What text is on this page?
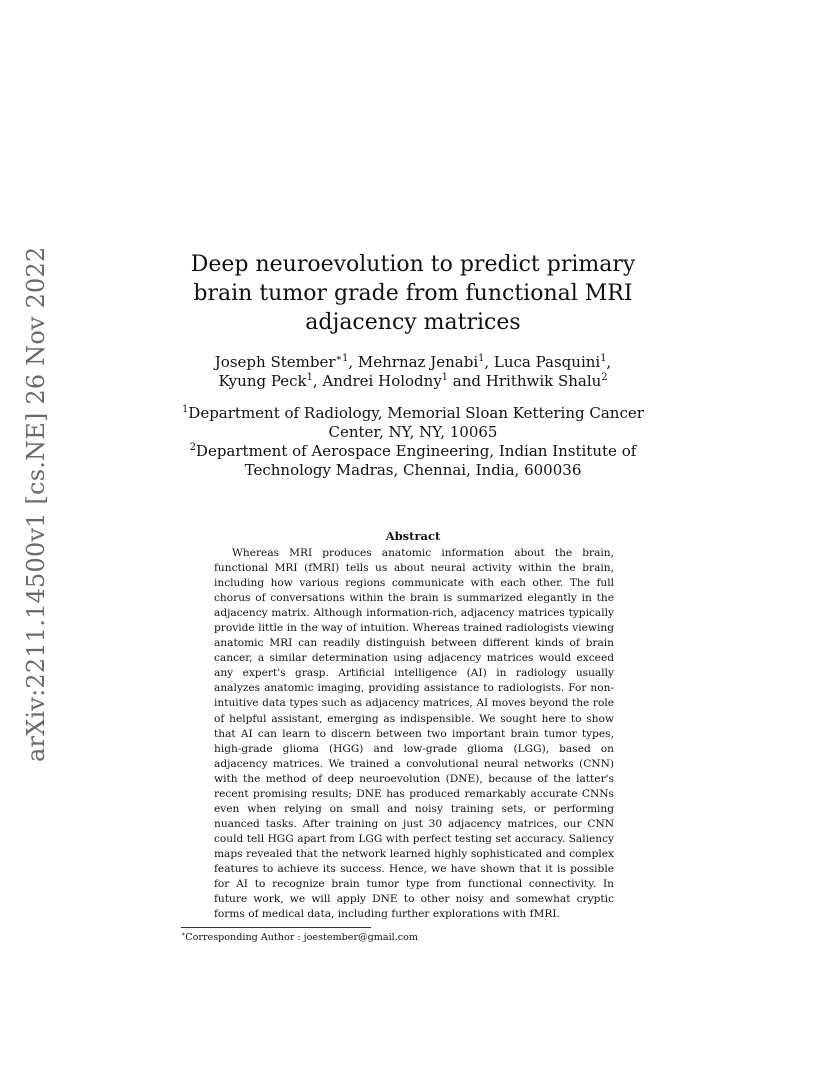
arXiv:2211.14500v1 [cs.NE] 26 Nov 2022	Deep neuroevolution to predict primary brain tumor grade from functional MRI adjacency matrices
Joseph Stember$^{∗1}$, Mehrnaz Jenabi$^1$, Luca Pasquini$^1$, Kyung Peck$^1$, Andrei Holodny$^1$ and Hrithwik Shalu$^2$

$^1$Department of Radiology, Memorial Sloan Kettering Cancer Center, NY, NY, 10065

$^2$Department of Aerospace Engineering, Indian Institute of Technology Madras, Chennai, India, 600036

Abstract

Whereas MRI produces anatomic information about the brain, functional MRI (fMRI) tells us about neural activity within the brain, including how various regions communicate with each other. The full chorus of conversations within the brain is summarized elegantly in the adjacency matrix. Although information-rich, adjacency matrices typically provide little in the way of intuition. Whereas trained radiologists viewing anatomic MRI can readily distinguish between different kinds of brain cancer, a similar determination using adjacency matrices would exceed any expert's grasp. Artificial intelligence (AI) in radiology usually analyzes anatomic imaging, providing assistance to radiologists. For non-intuitive data types such as adjacency matrices, AI moves beyond the role of helpful assistant, emerging as indispensible. We sought here to show that AI can learn to discern between two important brain tumor types, high-grade glioma (HGG) and low-grade glioma (LGG), based on adjacency matrices. We trained a convolutional neural networks (CNN) with the method of deep neuroevolution (DNE), because of the latter's recent promising results; DNE has produced remarkably accurate CNNs even when relying on small and noisy training sets, or performing nuanced tasks. After training on just 30 adjacency matrices, our CNN could tell HGG apart from LGG with perfect testing set accuracy. Saliency maps revealed that the network learned highly sophisticated and complex features to achieve its success. Hence, we have shown that it is possible for AI to recognize brain tumor type from functional connectivity. In future work, we will apply DNE to other noisy and somewhat cryptic forms of medical data, including further explorations with fMRI.

∗Corresponding Author : joestember@gmail.com
